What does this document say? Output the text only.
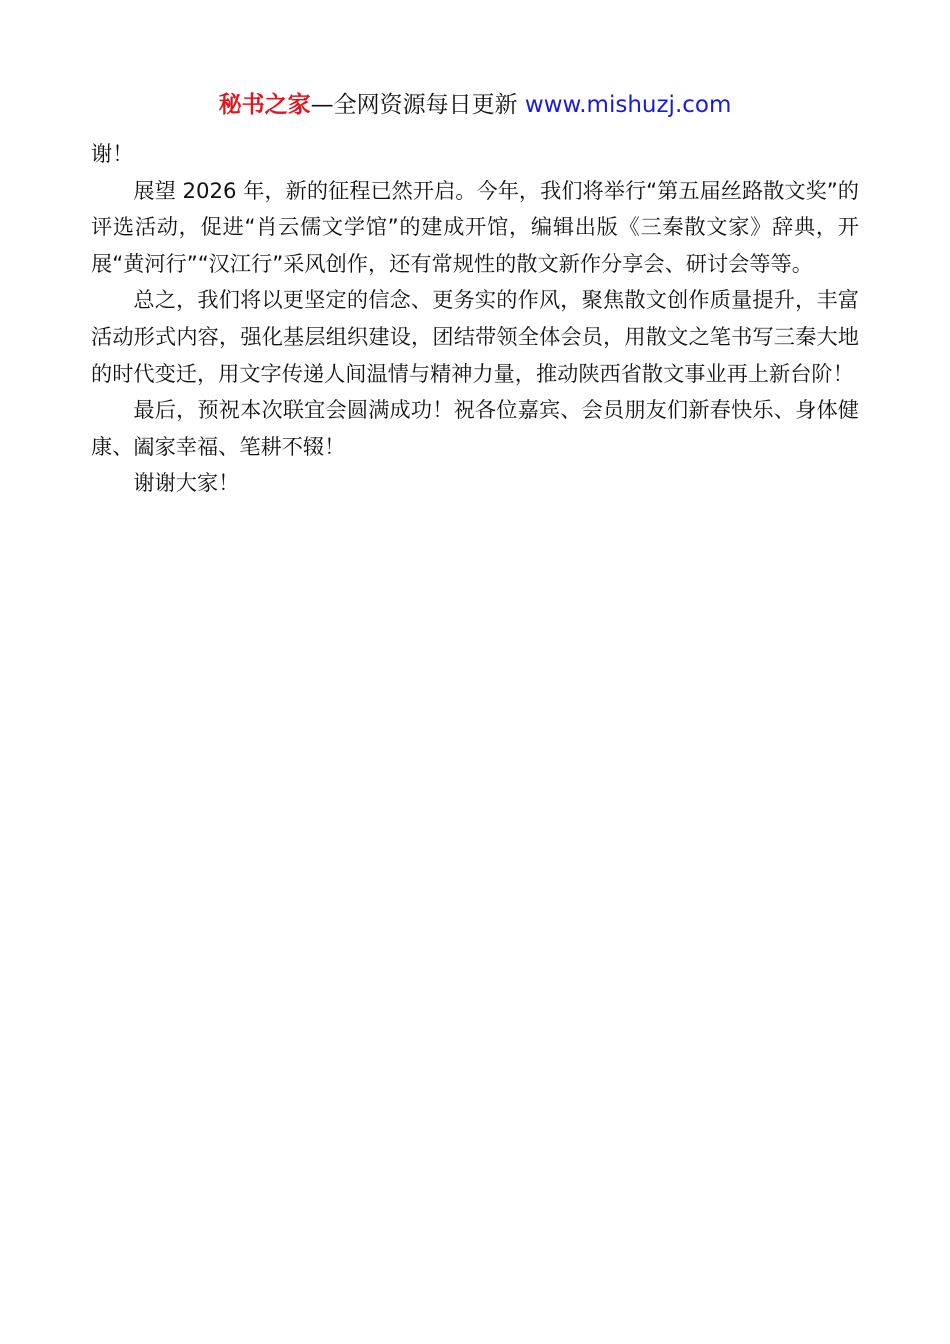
秘书之家—全网资源每日更新 www.mishuzj.com

谢！

展望 2026 年，新的征程已然开启。今年，我们将举行“第五届丝路散文奖”的评选活动，促进“肖云儒文学馆”的建成开馆，编辑出版《三秦散文家》辞典，开展“黄河行”“汉江行”采风创作，还有常规性的散文新作分享会、研讨会等等。

总之，我们将以更坚定的信念、更务实的作风，聚焦散文创作质量提升，丰富活动形式内容，强化基层组织建设，团结带领全体会员，用散文之笔书写三秦大地的时代变迁，用文字传递人间温情与精神力量，推动陕西省散文事业再上新台阶！

最后，预祝本次联宜会圆满成功！祝各位嘉宾、会员朋友们新春快乐、身体健康、阖家幸福、笔耕不辍！

谢谢大家！
